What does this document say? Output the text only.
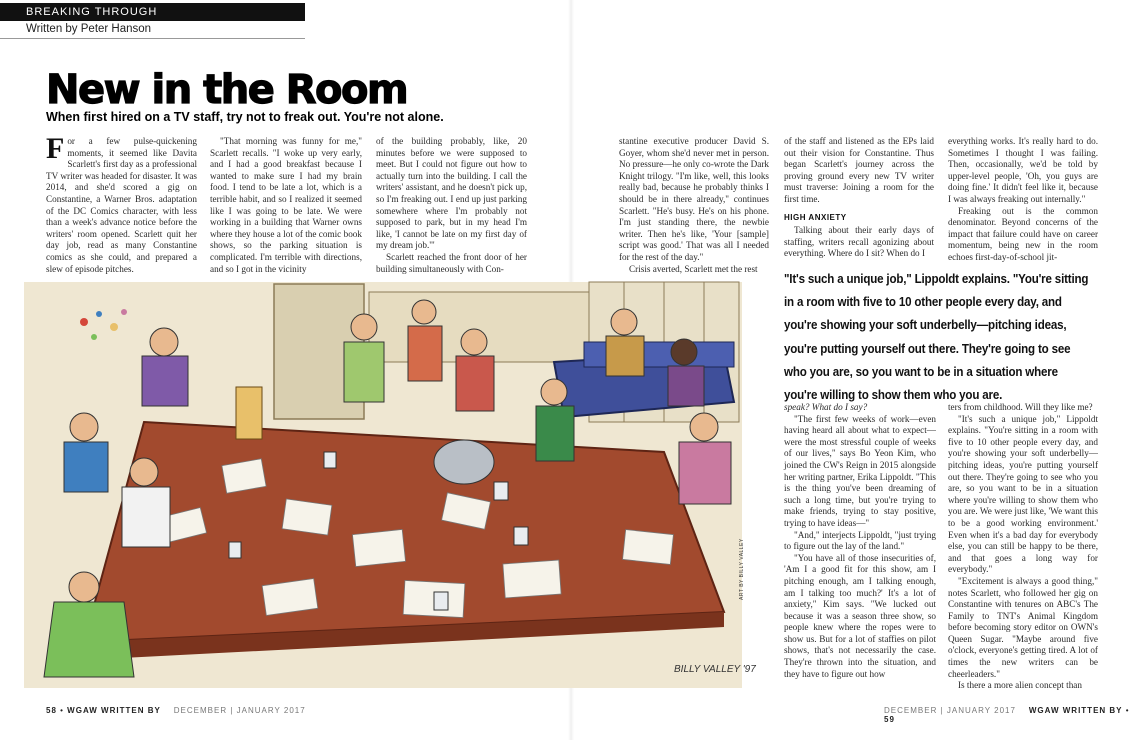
BREAKING THROUGH
Written by Peter Hanson
New in the Room
When first hired on a TV staff, try not to freak out. You're not alone.
F or a few pulse-quickening moments, it seemed like Davita Scarlett's first day as a professional TV writer was headed for disaster. It was 2014, and she'd scored a gig on Constantine, a Warner Bros. adaptation of the DC Comics character, with less than a week's advance notice before the writers' room opened. Scarlett quit her day job, read as many Constantine comics as she could, and prepared a slew of episode pitches.

"That morning was funny for me," Scarlett recalls. "I woke up very early, and I had a good breakfast because I wanted to make sure I had my brain food. I tend to be late a lot, which is a terrible habit, and so I realized it seemed like I was going to be late. We were working in a building that Warner owns where they house a lot of the comic book shows, so the parking situation is complicated. I'm terrible with directions, and so I got in the vicinity

of the building probably, like, 20 minutes before we were supposed to meet. But I could not figure out how to actually turn into the building. I call the writers' assistant, and he doesn't pick up, so I'm freaking out. I end up just parking somewhere where I'm probably not supposed to park, but in my head I'm like, 'I cannot be late on my first day of my dream job.'"

Scarlett reached the front door of her building simultaneously with Con-

stantine executive producer David S. Goyer, whom she'd never met in person. No pressure—he only co-wrote the Dark Knight trilogy. "I'm like, well, this looks really bad, because he probably thinks I should be in there already," continues Scarlett. "He's busy. He's on his phone. I'm just standing there, the newbie writer. Then he's like, 'Your [sample] script was good.' That was all I needed for the rest of the day."

Crisis averted, Scarlett met the rest

of the staff and listened as the EPs laid out their vision for Constantine. Thus began Scarlett's journey across the proving ground every new TV writer must traverse: Joining a room for the first time.

HIGH ANXIETY

Talking about their early days of staffing, writers recall agonizing about everything. Where do I sit? When do I

everything works. It's really hard to do. Sometimes I thought I was failing. Then, occasionally, we'd be told by upper-level people, 'Oh, you guys are doing fine.' It didn't feel like it, because I was always freaking out internally."

Freaking out is the common denominator. Beyond concerns of the impact that failure could have on career momentum, being new in the room echoes first-day-of-school jit-

"It's such a unique job," Lippoldt explains. "You're sitting in a room with five to 10 other people every day, and you're showing your soft underbelly—pitching ideas, you're putting yourself out there. They're going to see who you are, so you want to be in a situation where you're willing to show them who you are.

speak? What do I say?

"The first few weeks of work—even having heard all about what to expect—were the most stressful couple of weeks of our lives," says Bo Yeon Kim, who joined the CW's Reign in 2015 alongside her writing partner, Erika Lippoldt. "This is the thing you've been dreaming of such a long time, but you're trying to make friends, trying to stay positive, trying to have ideas—"

"And," interjects Lippoldt, "just trying to figure out the lay of the land."

"You have all of those insecurities of, 'Am I a good fit for this show, am I pitching enough, am I talking enough, am I talking too much?' It's a lot of anxiety," Kim says. "We lucked out because it was a season three show, so people knew where the ropes were to show us. But for a lot of staffies on pilot shows, that's not necessarily the case. They're thrown into the situation, and they have to figure out how

ters from childhood. Will they like me?

"It's such a unique job," Lippoldt explains. "You're sitting in a room with five to 10 other people every day, and you're showing your soft underbelly—pitching ideas, you're putting yourself out there. They're going to see who you are, so you want to be in a situation where you're willing to show them who you are. We were just like, 'We want this to be a good working environment.' Even when it's a bad day for everybody else, you can still be happy to be there, and that goes a long way for everybody."

"Excitement is always a good thing," notes Scarlett, who followed her gig on Constantine with tenures on ABC's The Family to TNT's Animal Kingdom before becoming story editor on OWN's Queen Sugar. "Maybe around five o'clock, everyone's getting tired. A lot of times the new writers can be cheerleaders."

Is there a more alien concept than

BILLY VALLEY '97
ART BY BILLY VALLEY
58 • WGAW WRITTEN BY DECEMBER | JANUARY 2017	DECEMBER | JANUARY 2017 WGAW WRITTEN BY • 59
